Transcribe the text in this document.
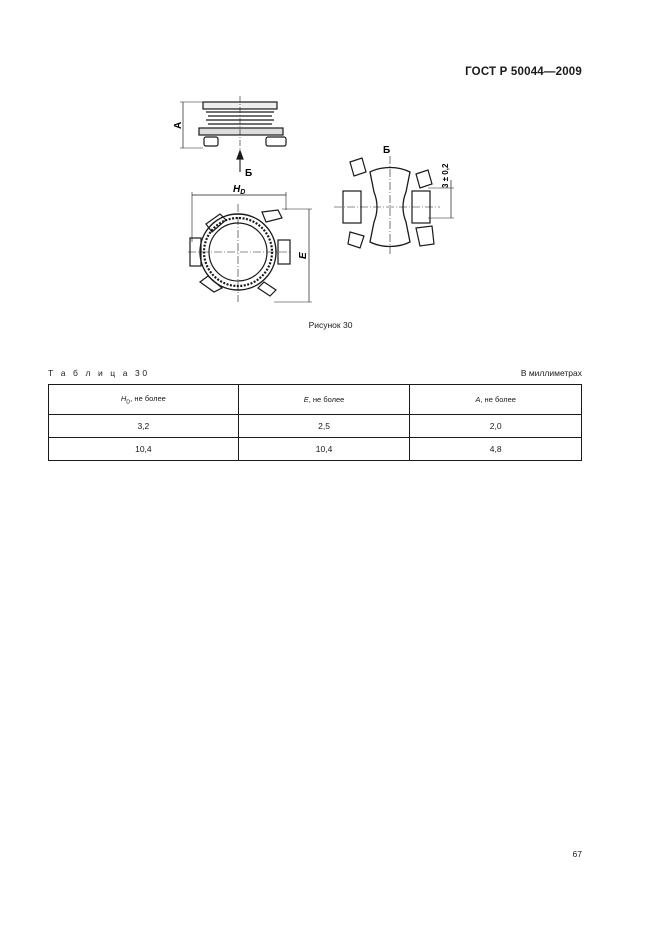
ГОСТ Р 50044—2009
А
Б
$H_D$
E
Б
3 ± 0,2
Рисунок 30
Т а б л и ц а 30	В миллиметрах
$H_D$, не более	E, не более	A, не более
3,2	2,5	2,0
10,4	10,4	4,8
67
